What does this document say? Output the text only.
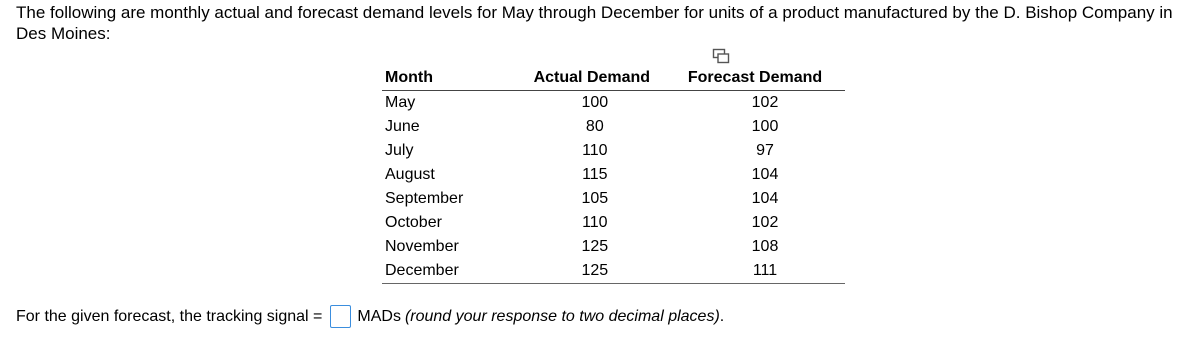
The following are monthly actual and forecast demand levels for May through December for units of a product manufactured by the D. Bishop Company in Des Moines:
Month	Actual Demand	Forecast Demand
May	100	102
June	80	100
July	110	97
August	115	104
September	105	104
October	110	102
November	125	108
December	125	111
For the given forecast, the tracking signal = MADs (round your response to two decimal places) .
